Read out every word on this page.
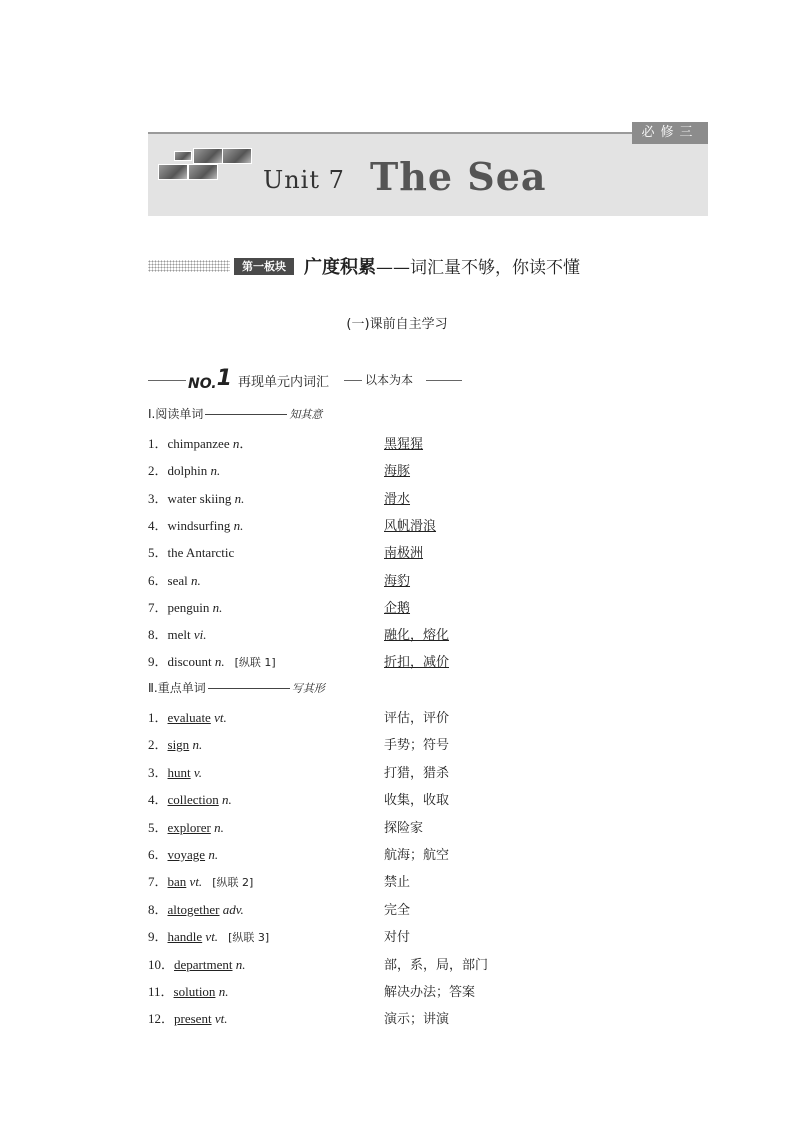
必修三
Unit 7 The Sea
第一板块	广度积累——词汇量不够，你读不懂
(一)课前自主学习
NO.1 再现单元内词汇	以本为本
Ⅰ.阅读单词	知其意
1．chimpanzee n．	黑猩猩
2．dolphin n.	海豚
3．water skiing n.	滑水
4．windsurfing n.	风帆滑浪
5．the Antarctic	南极洲
6．seal n.	海豹
7．penguin n.	企鹅
8．melt vi.	融化，熔化
9．discount n. [纵联 1]	折扣，减价
Ⅱ.重点单词	写其形
1．evaluate vt.	评估，评价
2．sign n.	手势；符号
3．hunt v.	打猎，猎杀
4．collection n.	收集，收取
5．explorer n.	探险家
6．voyage n.	航海；航空
7．ban vt. [纵联 2]	禁止
8．altogether adv.	完全
9．handle vt. [纵联 3]	对付
10．department n.	部，系，局，部门
11．solution n.	解决办法；答案
12．present vt.	演示；讲演
